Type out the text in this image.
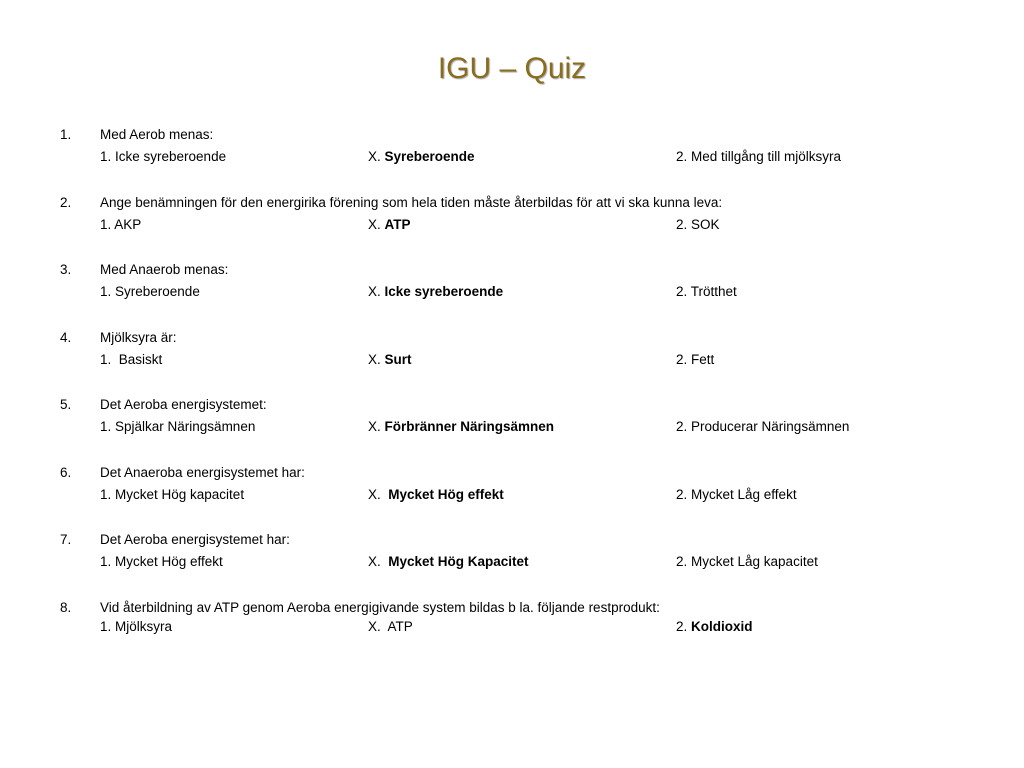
IGU – Quiz
1. Med Aerob menas:
1. Icke syreberoende	X. Syreberoende	2. Med tillgång till mjölksyra
2. Ange benämningen för den energirika förening som hela tiden måste återbildas för att vi ska kunna leva:
1. AKP	X. ATP	2. SOK
3. Med Anaerob menas:
1. Syreberoende	X. Icke syreberoende	2. Trötthet
4. Mjölksyra är:
1.  Basiskt	X. Surt	2. Fett
5. Det Aeroba energisystemet:
1. Spjälkar Näringsämnen	X. Förbränner Näringsämnen	2. Producerar Näringsämnen
6. Det Anaeroba energisystemet har:
1. Mycket Hög kapacitet	X.  Mycket Hög effekt	2. Mycket Låg effekt
7. Det Aeroba energisystemet har:
1. Mycket Hög effekt	X.  Mycket Hög Kapacitet	2. Mycket Låg kapacitet
8. Vid återbildning av ATP genom Aeroba energigivande system bildas b la. följande restprodukt:
1. Mjölksyra	X.  ATP	2. Koldioxid
